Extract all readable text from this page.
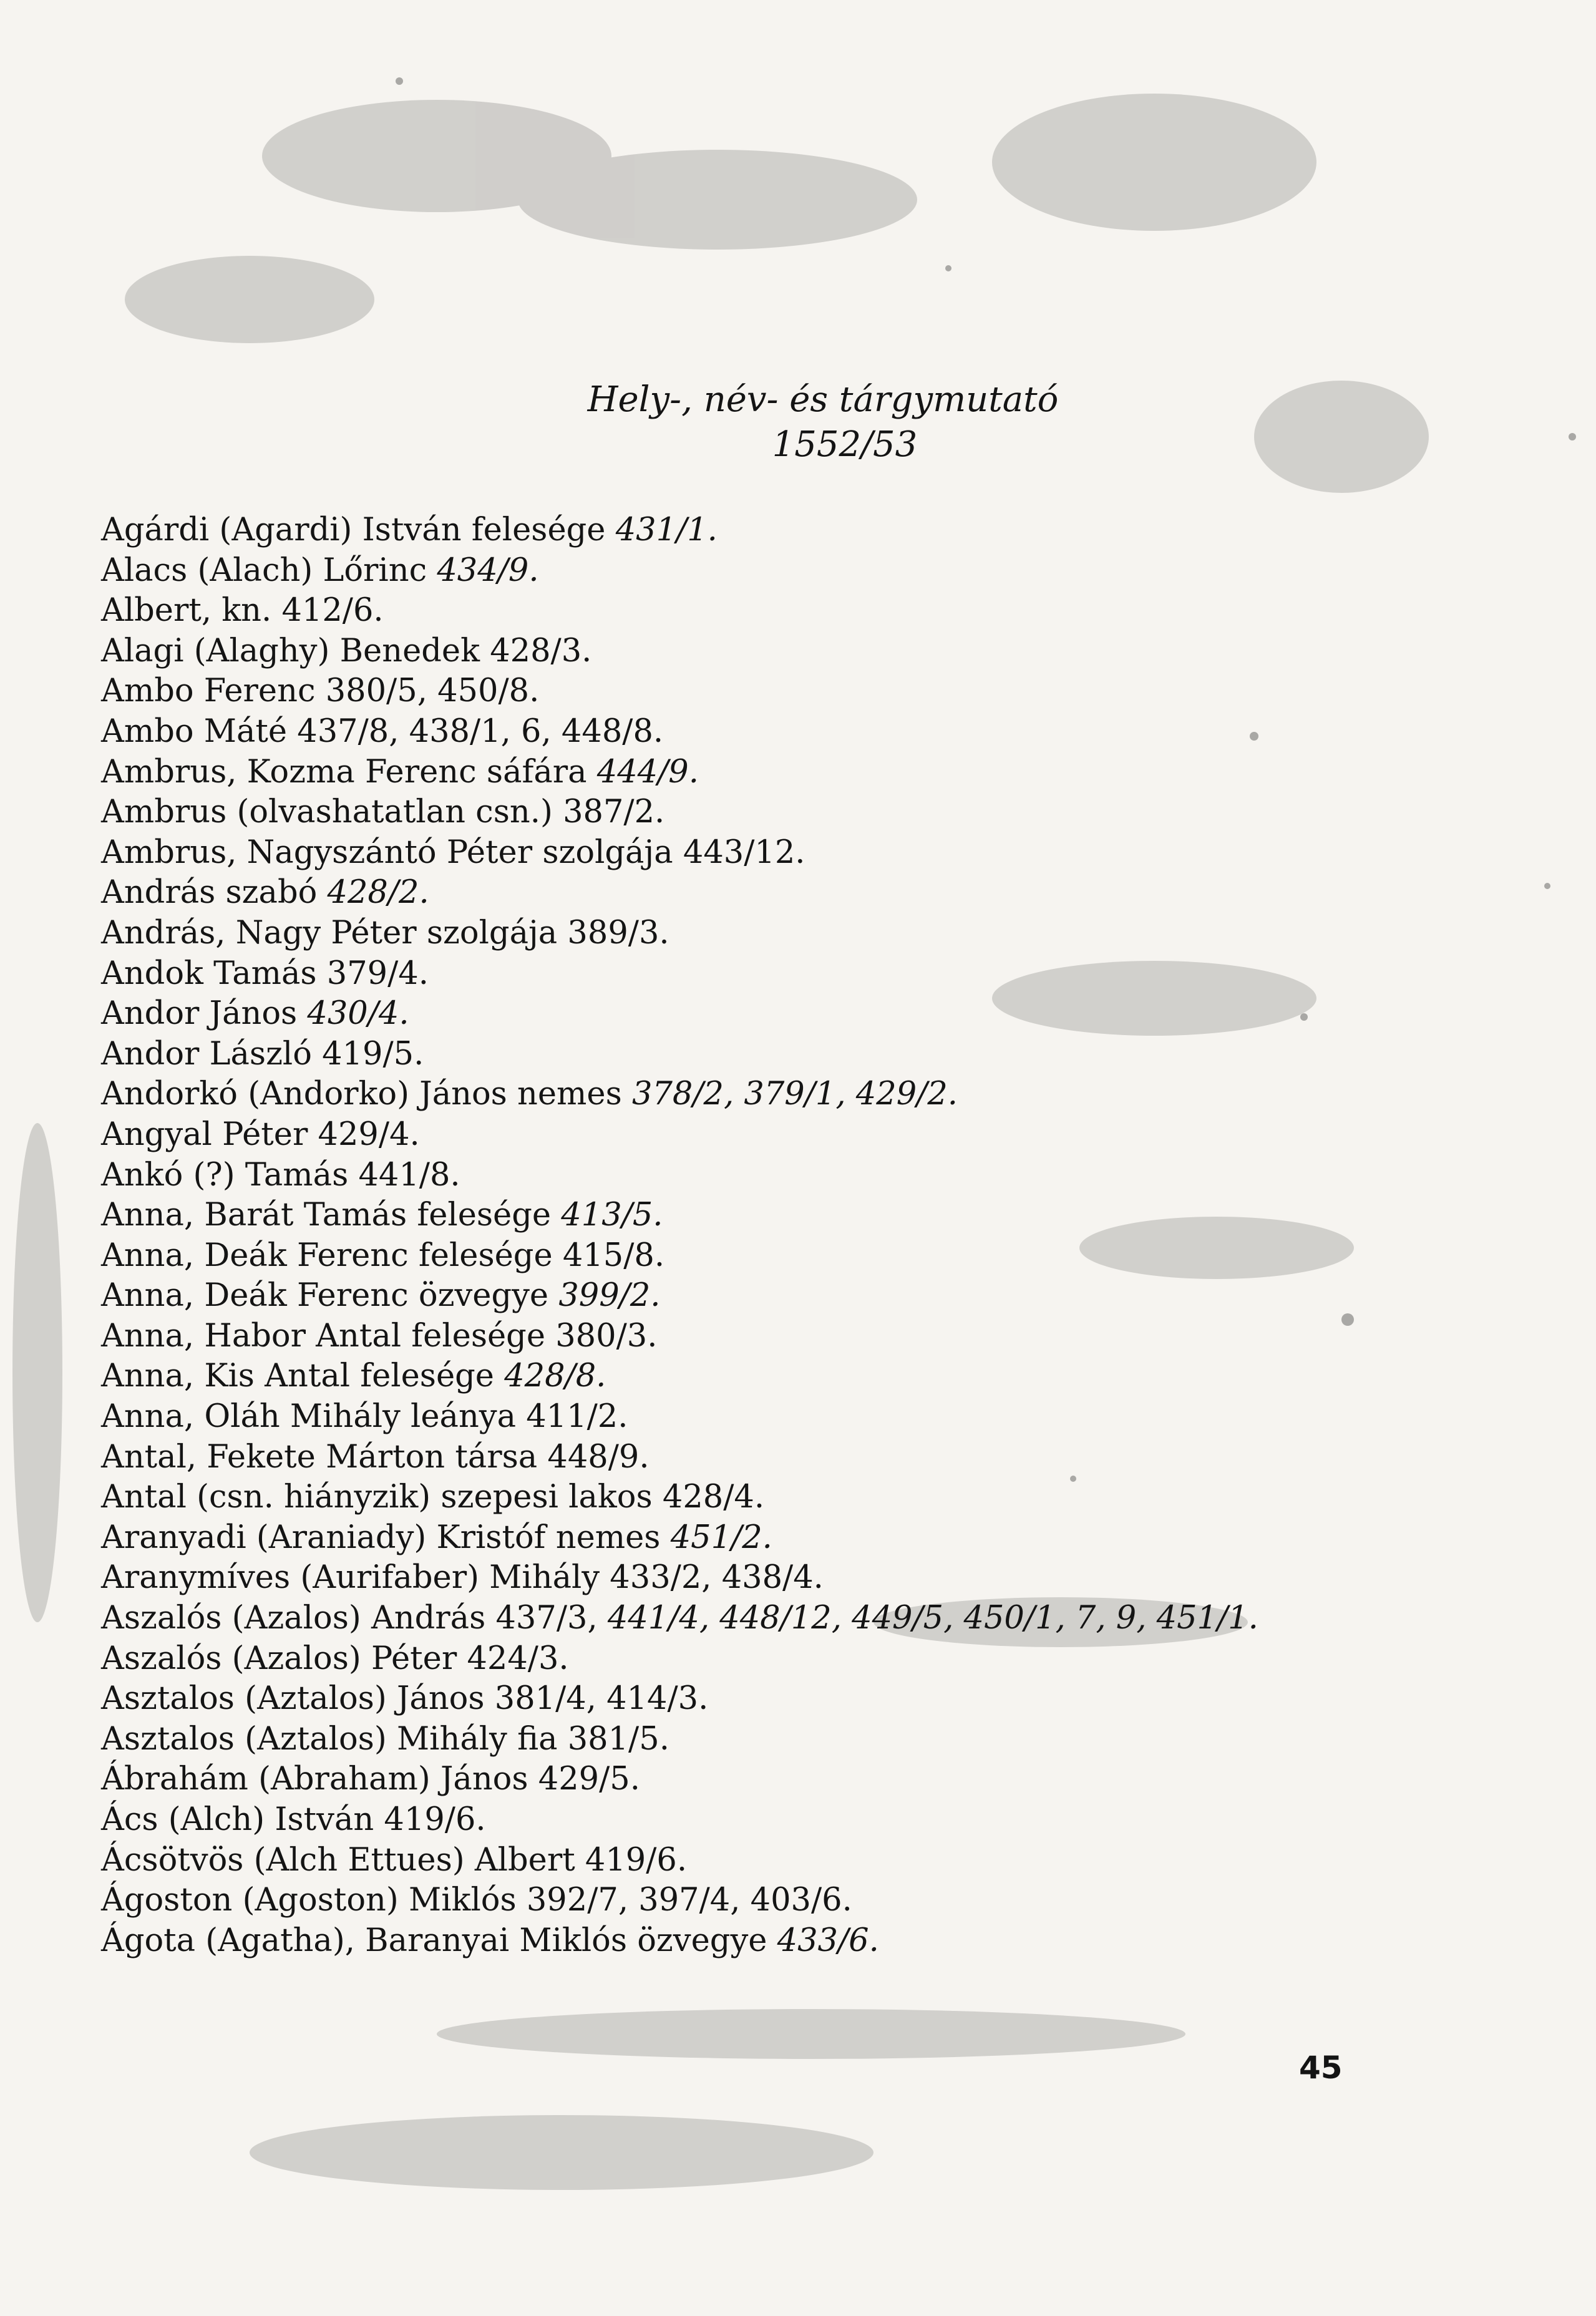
Hely-, név- és tárgymutató
1552/53
Agárdi (Agardi) István felesége 431/1.
Alacs (Alach) Lőrinc 434/9.
Albert, kn. 412/6.
Alagi (Alaghy) Benedek 428/3.
Ambo Ferenc 380/5, 450/8.
Ambo Máté 437/8, 438/1, 6, 448/8.
Ambrus, Kozma Ferenc sáfára 444/9.
Ambrus (olvashatatlan csn.) 387/2.
Ambrus, Nagyszántó Péter szolgája 443/12.
András szabó 428/2.
András, Nagy Péter szolgája 389/3.
Andok Tamás 379/4.
Andor János 430/4.
Andor László 419/5.
Andorkó (Andorko) János nemes 378/2, 379/1, 429/2.
Angyal Péter 429/4.
Ankó (?) Tamás 441/8.
Anna, Barát Tamás felesége 413/5.
Anna, Deák Ferenc felesége 415/8.
Anna, Deák Ferenc özvegye 399/2.
Anna, Habor Antal felesége 380/3.
Anna, Kis Antal felesége 428/8.
Anna, Oláh Mihály leánya 411/2.
Antal, Fekete Márton társa 448/9.
Antal (csn. hiányzik) szepesi lakos 428/4.
Aranyadi (Araniady) Kristóf nemes 451/2.
Aranymíves (Aurifaber) Mihály 433/2, 438/4.
Aszalós (Azalos) András 437/3, 441/4, 448/12, 449/5, 450/1, 7, 9, 451/1.
Aszalós (Azalos) Péter 424/3.
Asztalos (Aztalos) János 381/4, 414/3.
Asztalos (Aztalos) Mihály fia 381/5.
Ábrahám (Abraham) János 429/5.
Ács (Alch) István 419/6.
Ácsötvös (Alch Ettues) Albert 419/6.
Ágoston (Agoston) Miklós 392/7, 397/4, 403/6.
Ágota (Agatha), Baranyai Miklós özvegye 433/6.
45
